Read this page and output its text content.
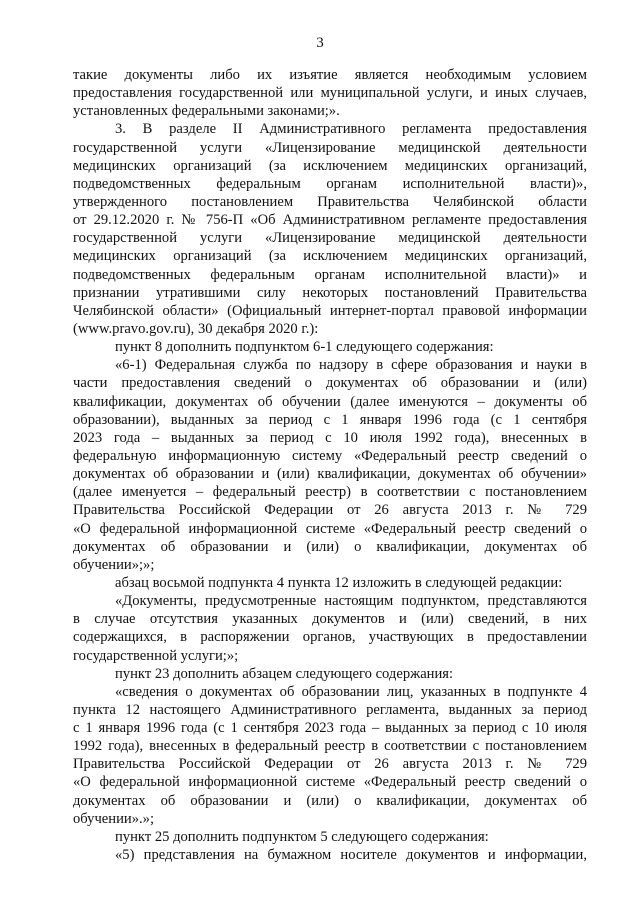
3
такие документы либо их изъятие является необходимым условием
предоставления государственной или муниципальной услуги, и иных случаев,
установленных федеральными законами;».
3. В разделе II Административного регламента предоставления
государственной услуги «Лицензирование медицинской деятельности
медицинских организаций (за исключением медицинских организаций,
подведомственных федеральным органам исполнительной власти)»,
утвержденного постановлением Правительства Челябинской области
от 29.12.2020 г. № 756-П «Об Административном регламенте предоставления
государственной услуги «Лицензирование медицинской деятельности
медицинских организаций (за исключением медицинских организаций,
подведомственных федеральным органам исполнительной власти)» и
признании утратившими силу некоторых постановлений Правительства
Челябинской области» (Официальный интернет-портал правовой информации
(www.pravo.gov.ru), 30 декабря 2020 г.):
пункт 8 дополнить подпунктом 6-1 следующего содержания:
«6-1) Федеральная служба по надзору в сфере образования и науки в
части предоставления сведений о документах об образовании и (или)
квалификации, документах об обучении (далее именуются – документы об
образовании), выданных за период с 1 января 1996 года (с 1 сентября
2023 года – выданных за период с 10 июля 1992 года), внесенных в
федеральную информационную систему «Федеральный реестр сведений о
документах об образовании и (или) квалификации, документах об обучении»
(далее именуется – федеральный реестр) в соответствии с постановлением
Правительства Российской Федерации от 26 августа 2013 г. № 729
«О федеральной информационной системе «Федеральный реестр сведений о
документах об образовании и (или) о квалификации, документах об
обучении»;»;
абзац восьмой подпункта 4 пункта 12 изложить в следующей редакции:
«Документы, предусмотренные настоящим подпунктом, представляются
в случае отсутствия указанных документов и (или) сведений, в них
содержащихся, в распоряжении органов, участвующих в предоставлении
государственной услуги;»;
пункт 23 дополнить абзацем следующего содержания:
«сведения о документах об образовании лиц, указанных в подпункте 4
пункта 12 настоящего Административного регламента, выданных за период
с 1 января 1996 года (с 1 сентября 2023 года – выданных за период с 10 июля
1992 года), внесенных в федеральный реестр в соответствии с постановлением
Правительства Российской Федерации от 26 августа 2013 г. № 729
«О федеральной информационной системе «Федеральный реестр сведений о
документах об образовании и (или) о квалификации, документах об
обучении».»;
пункт 25 дополнить подпунктом 5 следующего содержания:
«5) представления на бумажном носителе документов и информации,
